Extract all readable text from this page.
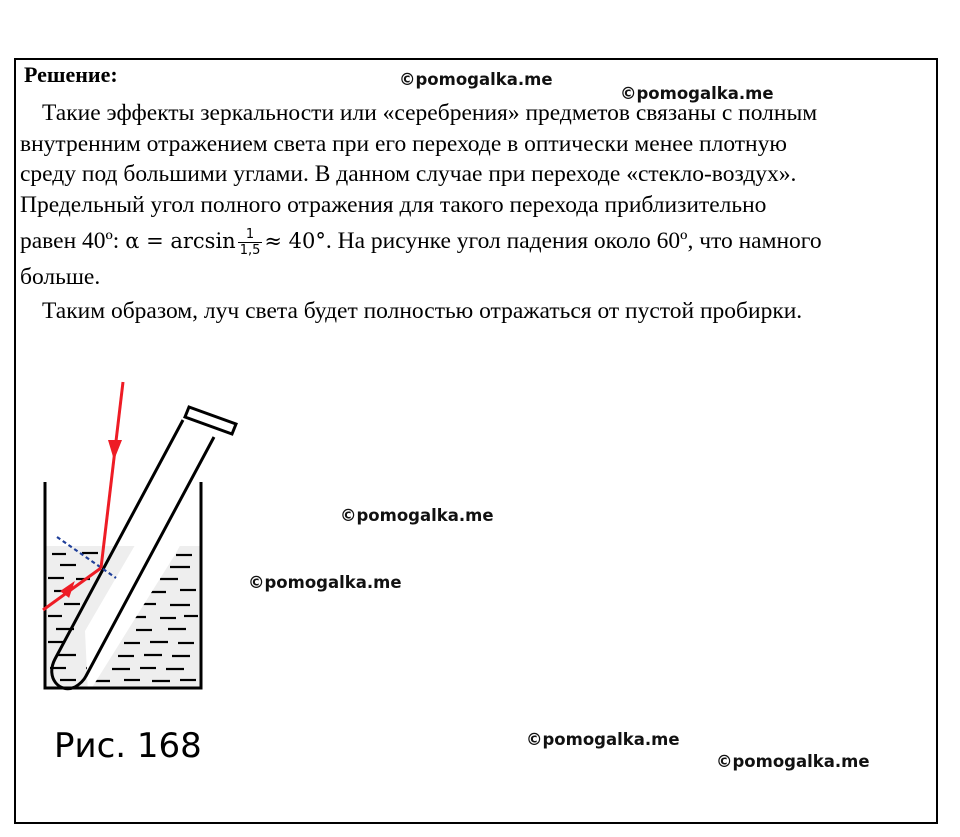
Решение:
Такие эффекты зеркальности или «серебрения» предметов связаны с полным
внутренним отражением света при его переходе в оптически менее плотную
среду под большими углами. В данном случае при переходе «стекло-воздух».
Предельный угол полного отражения для такого перехода приблизительно
равен 40º: $\alpha = \arcsin \frac{1}{1,5} \approx 40^\circ$. На рисунке угол падения около 60º, что намного
больше.
Таким образом, луч света будет полностью отражаться от пустой пробирки.
©pomogalka.me
©pomogalka.me
©pomogalka.me
©pomogalka.me
©pomogalka.me
©pomogalka.me
Рис. 168
